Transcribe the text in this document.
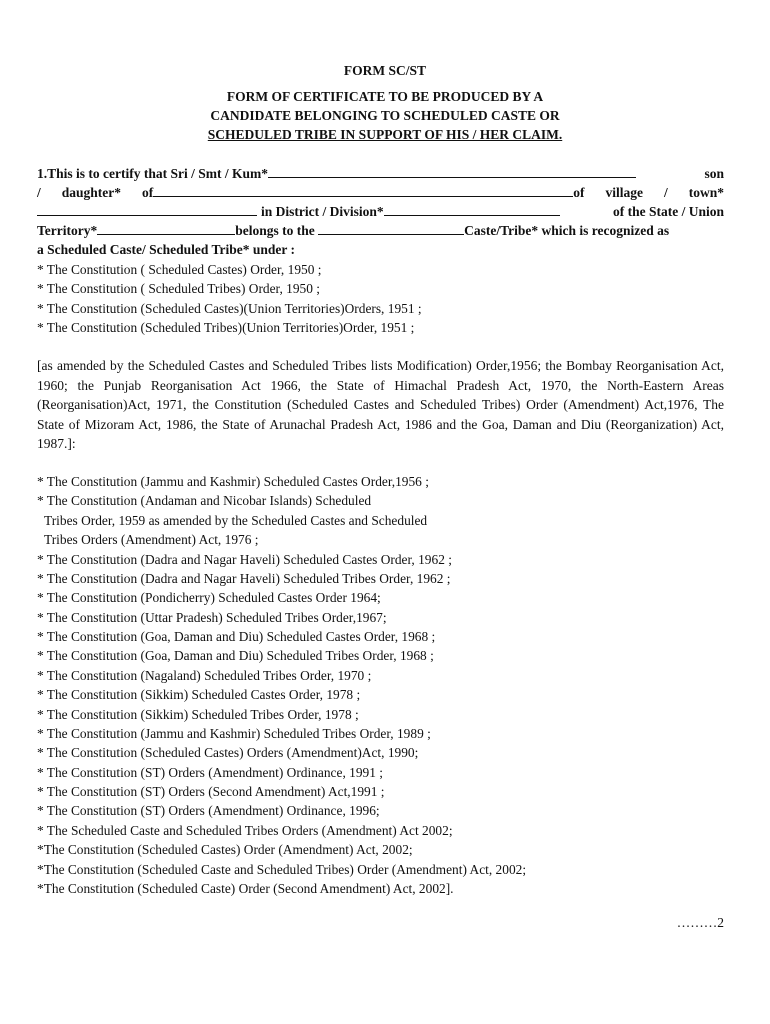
FORM SC/ST
FORM OF CERTIFICATE TO BE PRODUCED BY A
CANDIDATE BELONGING TO SCHEDULED CASTE OR
SCHEDULED TRIBE IN SUPPORT OF HIS / HER CLAIM.
1.This is to certify that Sri / Smt / Kum*	son
/ daughter* of	of village / town*
in District / Division*	of the State / Union
Territory*	belongs to the	Caste/Tribe* which is recognized as
a Scheduled Caste/ Scheduled Tribe* under :
* The Constitution ( Scheduled Castes) Order, 1950 ;
* The Constitution ( Scheduled Tribes) Order, 1950 ;
* The Constitution (Scheduled Castes)(Union Territories)Orders, 1951 ;
* The Constitution (Scheduled Tribes)(Union Territories)Order, 1951 ;
[as amended by the Scheduled Castes and Scheduled Tribes lists Modification) Order,1956; the Bombay Reorganisation Act, 1960; the Punjab Reorganisation Act 1966, the State of Himachal Pradesh Act, 1970, the North-Eastern Areas (Reorganisation)Act, 1971, the Constitution (Scheduled Castes and Scheduled Tribes) Order (Amendment) Act,1976, The State of Mizoram Act, 1986, the State of Arunachal Pradesh Act, 1986 and the Goa, Daman and Diu (Reorganization) Act, 1987.]:
* The Constitution (Jammu and Kashmir) Scheduled Castes Order,1956 ;
* The Constitution (Andaman and Nicobar Islands) Scheduled
Tribes Order, 1959 as amended by the Scheduled Castes and Scheduled
Tribes Orders (Amendment) Act, 1976 ;
* The Constitution (Dadra and Nagar Haveli) Scheduled Castes Order, 1962 ;
* The Constitution (Dadra and Nagar Haveli) Scheduled Tribes Order, 1962 ;
* The Constitution (Pondicherry) Scheduled Castes Order 1964;
* The Constitution (Uttar Pradesh) Scheduled Tribes Order,1967;
* The Constitution (Goa, Daman and Diu) Scheduled Castes Order, 1968 ;
* The Constitution (Goa, Daman and Diu) Scheduled Tribes Order, 1968 ;
* The Constitution (Nagaland) Scheduled Tribes Order, 1970 ;
* The Constitution (Sikkim) Scheduled Castes Order, 1978 ;
* The Constitution (Sikkim) Scheduled Tribes Order, 1978 ;
* The Constitution (Jammu and Kashmir) Scheduled Tribes Order, 1989 ;
* The Constitution (Scheduled Castes) Orders (Amendment)Act, 1990;
* The Constitution (ST) Orders (Amendment) Ordinance, 1991 ;
* The Constitution (ST) Orders (Second Amendment) Act,1991 ;
* The Constitution (ST) Orders (Amendment) Ordinance, 1996;
* The Scheduled Caste and Scheduled Tribes Orders (Amendment) Act 2002;
*The Constitution (Scheduled Castes) Order (Amendment) Act, 2002;
*The Constitution (Scheduled Caste and Scheduled Tribes) Order (Amendment) Act, 2002;
*The Constitution (Scheduled Caste) Order (Second Amendment) Act, 2002].
………2
